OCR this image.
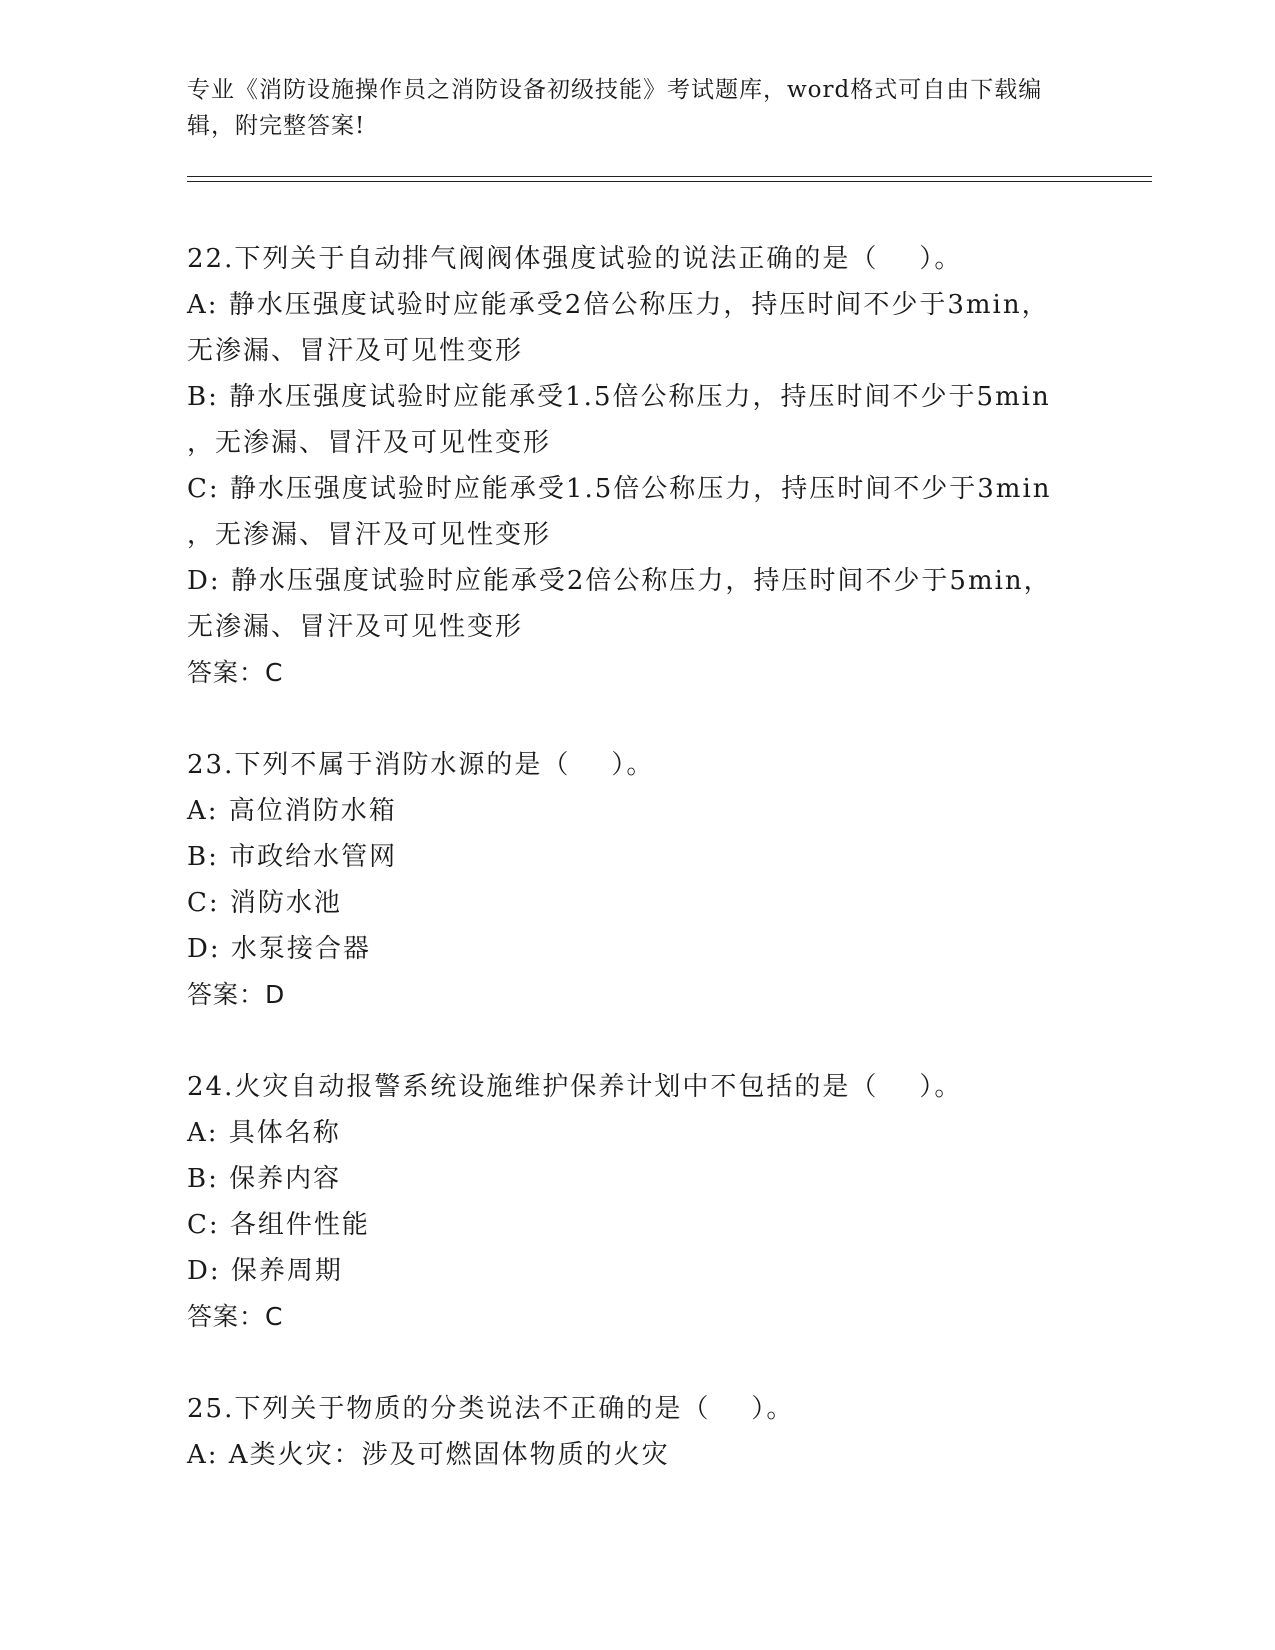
专业《消防设施操作员之消防设备初级技能》考试题库，word格式可自由下载编
辑，附完整答案!
22.下列关于自动排气阀阀体强度试验的说法正确的是（    ）。
A: 静水压强度试验时应能承受2倍公称压力，持压时间不少于3min，
无渗漏、冒汗及可见性变形
B: 静水压强度试验时应能承受1.5倍公称压力，持压时间不少于5min
，无渗漏、冒汗及可见性变形
C: 静水压强度试验时应能承受1.5倍公称压力，持压时间不少于3min
，无渗漏、冒汗及可见性变形
D: 静水压强度试验时应能承受2倍公称压力，持压时间不少于5min，
无渗漏、冒汗及可见性变形
答案：C
23.下列不属于消防水源的是（    ）。
A: 高位消防水箱
B: 市政给水管网
C: 消防水池
D: 水泵接合器
答案：D
24.火灾自动报警系统设施维护保养计划中不包括的是（    ）。
A: 具体名称
B: 保养内容
C: 各组件性能
D: 保养周期
答案：C
25.下列关于物质的分类说法不正确的是（    ）。
A: A类火灾：涉及可燃固体物质的火灾
